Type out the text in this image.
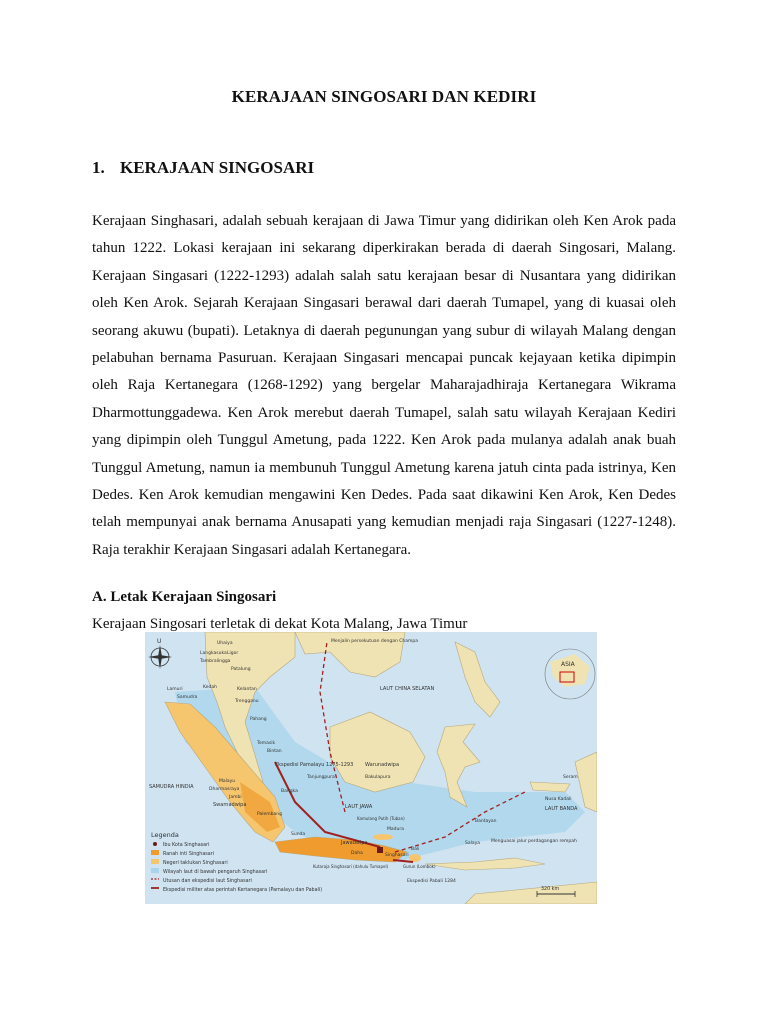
KERAJAAN SINGOSARI DAN KEDIRI
1. KERAJAAN SINGOSARI

Kerajaan Singhasari, adalah sebuah kerajaan di Jawa Timur yang didirikan oleh Ken Arok pada tahun 1222. Lokasi kerajaan ini sekarang diperkirakan berada di daerah Singosari, Malang. Kerajaan Singasari (1222-1293) adalah salah satu kerajaan besar di Nusantara yang didirikan oleh Ken Arok. Sejarah Kerajaan Singasari berawal dari daerah Tumapel, yang di kuasai oleh seorang akuwu (bupati). Letaknya di daerah pegunungan yang subur di wilayah Malang dengan pelabuhan bernama Pasuruan. Kerajaan Singasari mencapai puncak kejayaan ketika dipimpin oleh Raja Kertanegara (1268-1292) yang bergelar Maharajadhiraja Kertanegara Wikrama Dharmottunggadewa. Ken Arok merebut daerah Tumapel, salah satu wilayah Kerajaan Kediri yang dipimpin oleh Tunggul Ametung, pada 1222. Ken Arok pada mulanya adalah anak buah Tunggul Ametung, namun ia membunuh Tunggul Ametung karena jatuh cinta pada istrinya, Ken Dedes. Ken Arok kemudian mengawini Ken Dedes. Pada saat dikawini Ken Arok, Ken Dedes telah mempunyai anak bernama Anusapati yang kemudian menjadi raja Singasari (1227-1248). Raja terakhir Kerajaan Singasari adalah Kertanegara.

A. Letak Kerajaan Singosari
Kerajaan Singosari terletak di dekat Kota Malang, Jawa Timur
U
ASIA
LAUT CHINA SELATAN
SAMUDRA HINDIA
LAUT JAWA	LAUT BANDA
Uhaiya
Langkasuka Ligor
Tambralingga
Patalung
Lamuri
Samudra
Kedah	Kelantan
Trengganu
Pahang
Temasik
Bintan
Malayu
Dharmasraya
Jambi
Swarnadwipa
Bangka
Palembang
Tanjungpura
Warunadwipa
Bakulapura
Kamulang Putih (Tuban)
Madura
Sunda
Jawadwipa
Daha	Singhasari
Bali
Gurun (Lombok)
Kutaraja Singhasari (dahulu Tumapel)
Bantayan
Salaya
Seram
Nusa Kadali
Menjalin persekutuan dengan Champa
Ekspedisi Pamalayu 1275-1293
Ekspedisi Pabali 1284
Menguasai jalur perdagangan rempah
Legenda
Ibu Kota Singhasari
Ranah inti Singhasari
Negeri taklukan Singhasari
Wilayah laut di bawah pengaruh Singhasari
Utusan dan ekspedisi laut Singhasari
Ekspedisi militer atas perintah Kertanegara (Pamalayu dan Pabali)	320 km
